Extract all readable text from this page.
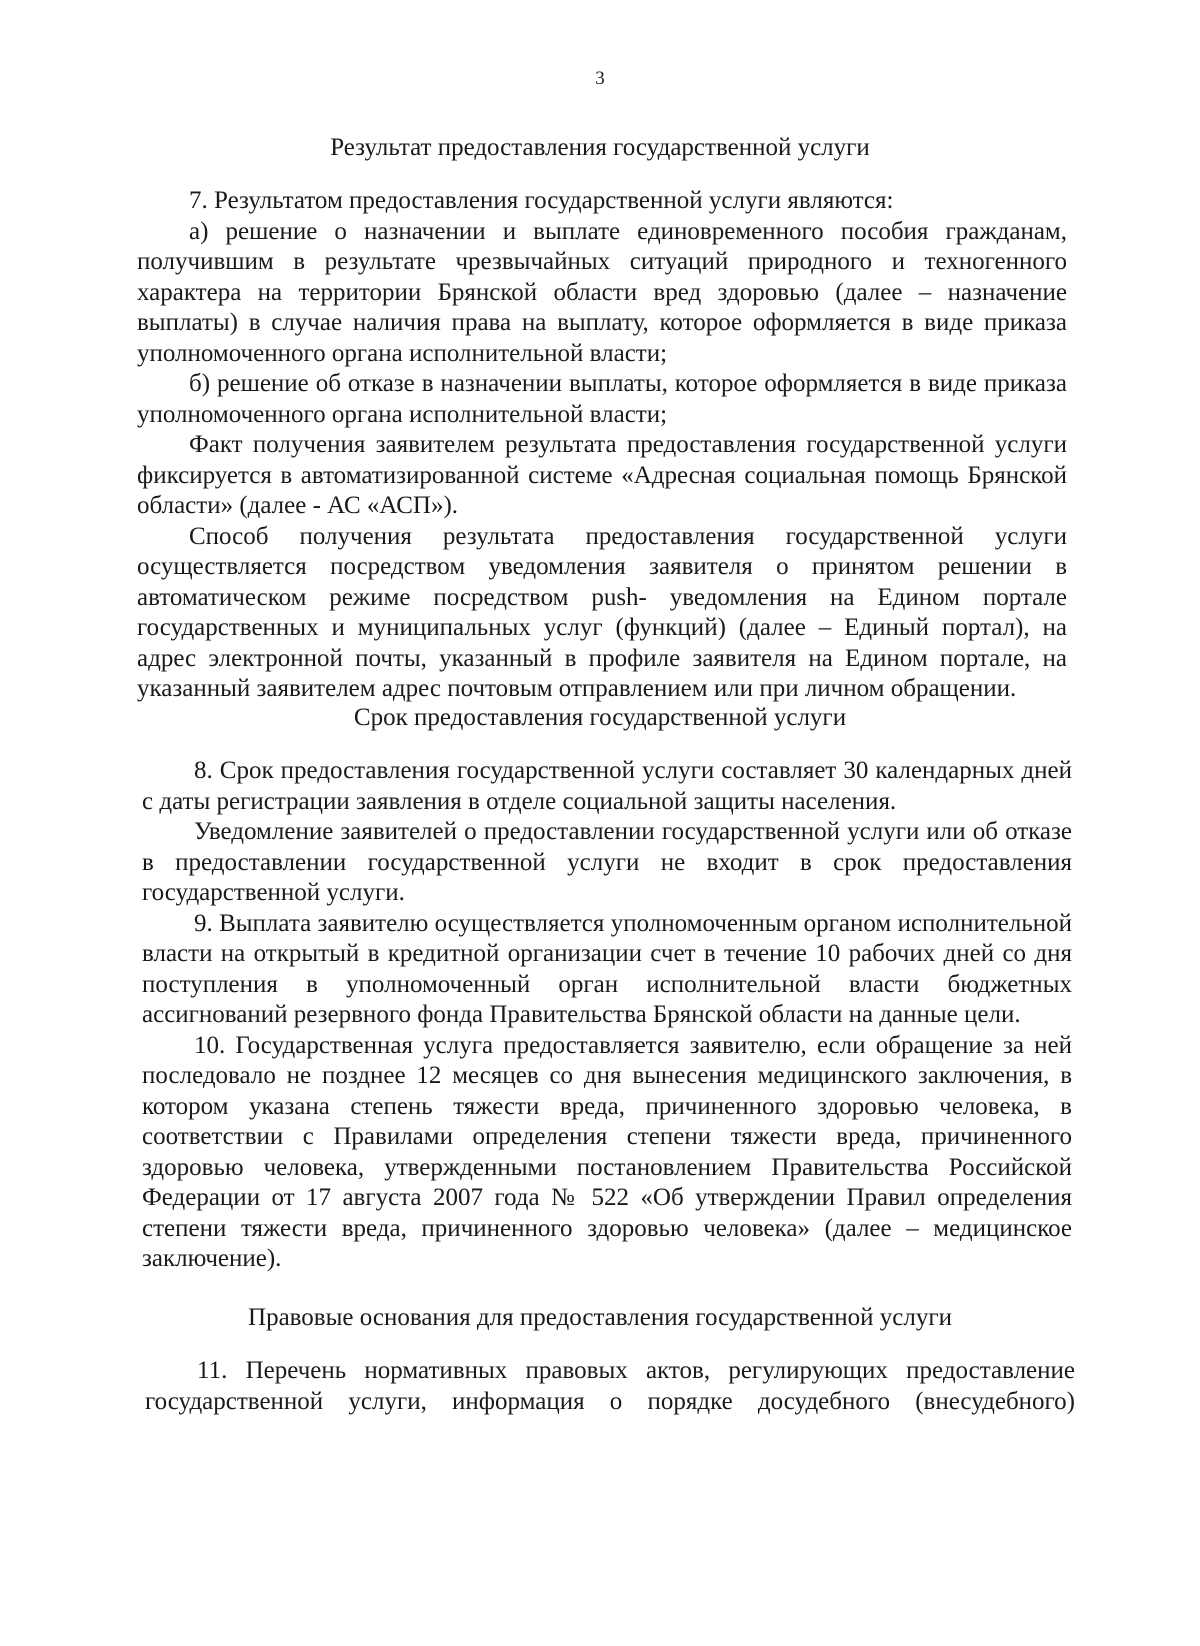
3
Результат предоставления государственной услуги

7. Результатом предоставления государственной услуги являются:

а) решение о назначении и выплате единовременного пособия гражданам, получившим в результате чрезвычайных ситуаций природного и техногенного характера на территории Брянской области вред здоровью (далее – назначение выплаты) в случае наличия права на выплату, которое оформляется в виде приказа уполномоченного органа исполнительной власти;

б) решение об отказе в назначении выплаты, которое оформляется в виде приказа уполномоченного органа исполнительной власти;

Факт получения заявителем результата предоставления государственной услуги фиксируется в автоматизированной системе «Адресная социальная помощь Брянской области» (далее - АС «АСП»).

Способ получения результата предоставления государственной услуги осуществляется посредством уведомления заявителя о принятом решении в автоматическом режиме посредством push- уведомления на Едином портале государственных и муниципальных услуг (функций) (далее – Единый портал), на адрес электронной почты, указанный в профиле заявителя на Едином портале, на указанный заявителем адрес почтовым отправлением или при личном обращении.

Срок предоставления государственной услуги

8. Срок предоставления государственной услуги составляет 30 календарных дней с даты регистрации заявления в отделе социальной защиты населения.

Уведомление заявителей о предоставлении государственной услуги или об отказе в предоставлении государственной услуги не входит в срок предоставления государственной услуги.

9. Выплата заявителю осуществляется уполномоченным органом исполнительной власти на открытый в кредитной организации счет в течение 10 рабочих дней со дня поступления в уполномоченный орган исполнительной власти бюджетных ассигнований резервного фонда Правительства Брянской области на данные цели.

10. Государственная услуга предоставляется заявителю, если обращение за ней последовало не позднее 12 месяцев со дня вынесения медицинского заключения, в котором указана степень тяжести вреда, причиненного здоровью человека, в соответствии с Правилами определения степени тяжести вреда, причиненного здоровью человека, утвержденными постановлением Правительства Российской Федерации от 17 августа 2007 года № 522 «Об утверждении Правил определения степени тяжести вреда, причиненного здоровью человека» (далее – медицинское заключение).

Правовые основания для предоставления государственной услуги

11. Перечень нормативных правовых актов, регулирующих предоставление государственной услуги, информация о порядке досудебного (внесудебного)
